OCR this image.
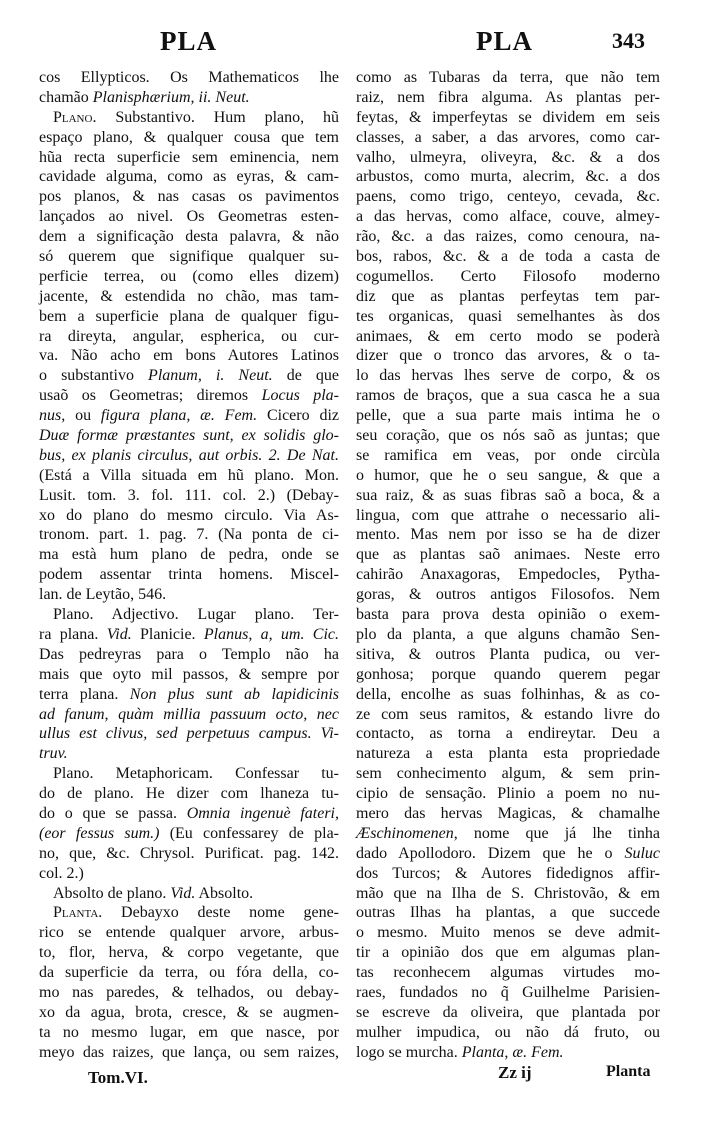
PLA	PLA	343
cos Ellypticos. Os Mathematicos lhe
chamão Planisphærium, ii. Neut.
Plano. Substantivo. Hum plano, hũ
espaço plano, & qualquer cousa que tem
hũa recta superficie sem eminencia, nem
cavidade alguma, como as eyras, & cam-
pos planos, & nas casas os pavimentos
lançados ao nivel. Os Geometras esten-
dem a significação desta palavra, & não
só querem que signifique qualquer su-
perficie terrea, ou (como elles dizem)
jacente, & estendida no chão, mas tam-
bem a superficie plana de qualquer figu-
ra direyta, angular, espherica, ou cur-
va. Não acho em bons Autores Latinos
o substantivo Planum, i. Neut. de que
usaõ os Geometras; diremos Locus pla-
nus, ou figura plana, æ. Fem. Cicero diz
Duæ formæ præstantes sunt, ex solidis glo-
bus, ex planis circulus, aut orbis. 2. De Nat.
(Está a Villa situada em hũ plano. Mon.
Lusit. tom. 3. fol. 111. col. 2.) (Debay-
xo do plano do mesmo circulo. Via As-
tronom. part. 1. pag. 7. (Na ponta de ci-
ma està hum plano de pedra, onde se
podem assentar trinta homens. Miscel-
lan. de Leytão, 546.
Plano. Adjectivo. Lugar plano. Ter-
ra plana. Vid. Planicie. Planus, a, um. Cic.
Das pedreyras para o Templo não ha
mais que oyto mil passos, & sempre por
terra plana. Non plus sunt ab lapidicinis
ad fanum, quàm millia passuum octo, nec
ullus est clivus, sed perpetuus campus. Vi-
truv.
Plano. Metaphoricam. Confessar tu-
do de plano. He dizer com lhaneza tu-
do o que se passa. Omnia ingenuè fateri,
(eor fessus sum.) (Eu confessarey de pla-
no, que, &c. Chrysol. Purificat. pag. 142.
col. 2.)
Absolto de plano. Vid. Absolto.
Planta. Debayxo deste nome gene-
rico se entende qualquer arvore, arbus-
to, flor, herva, & corpo vegetante, que
da superficie da terra, ou fóra della, co-
mo nas paredes, & telhados, ou debay-
xo da agua, brota, cresce, & se augmen-
ta no mesmo lugar, em que nasce, por
meyo das raizes, que lança, ou sem raizes,
como as Tubaras da terra, que não tem
raiz, nem fibra alguma. As plantas per-
feytas, & imperfeytas se dividem em seis
classes, a saber, a das arvores, como car-
valho, ulmeyra, oliveyra, &c. & a dos
arbustos, como murta, alecrim, &c. a dos
paens, como trigo, centeyo, cevada, &c.
a das hervas, como alface, couve, almey-
rão, &c. a das raizes, como cenoura, na-
bos, rabos, &c. & a de toda a casta de
cogumellos. Certo Filosofo moderno
diz que as plantas perfeytas tem par-
tes organicas, quasi semelhantes às dos
animaes, & em certo modo se poderà
dizer que o tronco das arvores, & o ta-
lo das hervas lhes serve de corpo, & os
ramos de braços, que a sua casca he a sua
pelle, que a sua parte mais intima he o
seu coração, que os nós saõ as juntas; que
se ramifica em veas, por onde circùla
o humor, que he o seu sangue, & que a
sua raiz, & as suas fibras saõ a boca, & a
lingua, com que attrahe o necessario ali-
mento. Mas nem por isso se ha de dizer
que as plantas saõ animaes. Neste erro
cahirão Anaxagoras, Empedocles, Pytha-
goras, & outros antigos Filosofos. Nem
basta para prova desta opinião o exem-
plo da planta, a que alguns chamão Sen-
sitiva, & outros Planta pudica, ou ver-
gonhosa; porque quando querem pegar
della, encolhe as suas folhinhas, & as co-
ze com seus ramitos, & estando livre do
contacto, as torna a endireytar. Deu a
natureza a esta planta esta propriedade
sem conhecimento algum, & sem prin-
cipio de sensação. Plinio a poem no nu-
mero das hervas Magicas, & chamalhe
Æschinomenen, nome que já lhe tinha
dado Apollodoro. Dizem que he o Suluc
dos Turcos; & Autores fidedignos affir-
mão que na Ilha de S. Christovão, & em
outras Ilhas ha plantas, a que succede
o mesmo. Muito menos se deve admit-
tir a opinião dos que em algumas plan-
tas reconhecem algumas virtudes mo-
raes, fundados no q̃ Guilhelme Parisien-
se escreve da oliveira, que plantada por
mulher impudica, ou não dá fruto, ou
logo se murcha. Planta, æ. Fem.
Tom.VI.	Zz ij	Planta
